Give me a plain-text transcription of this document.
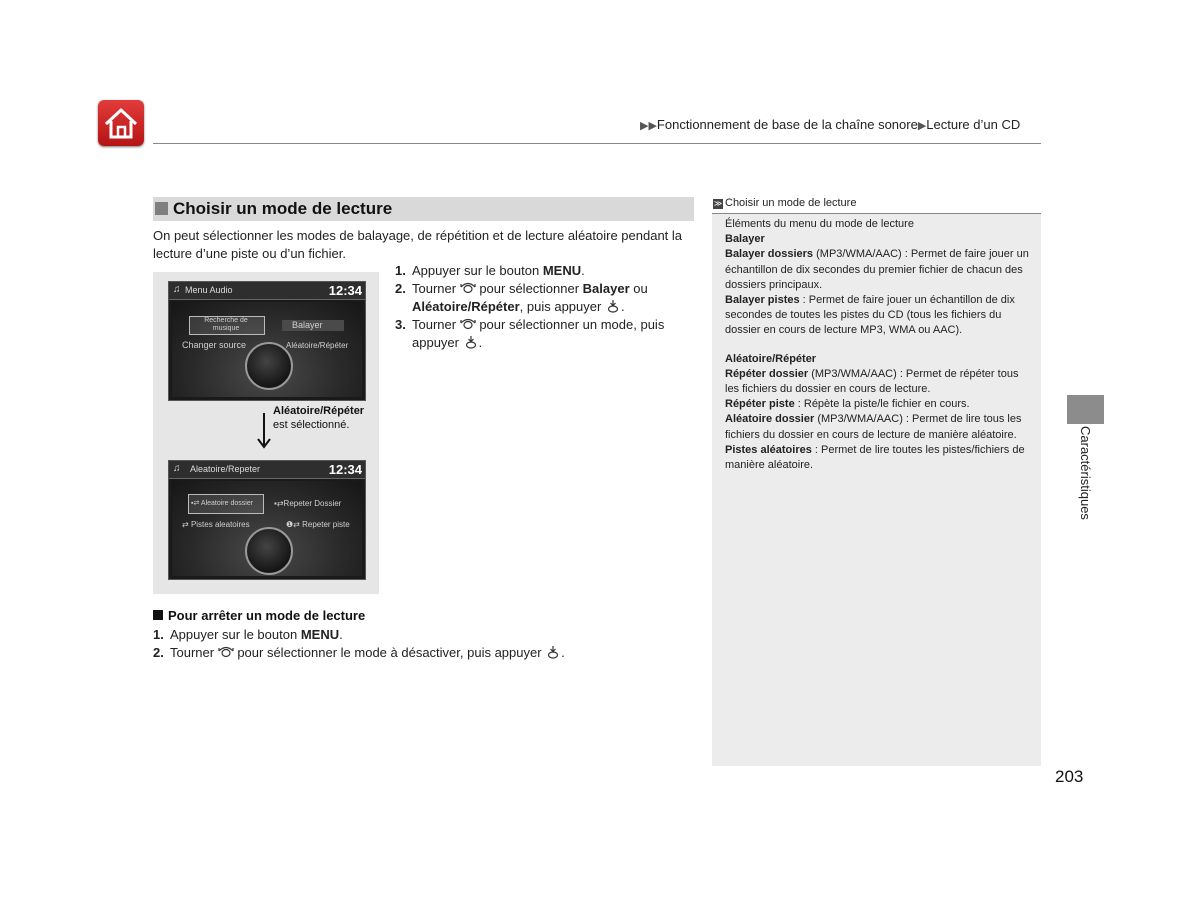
▶▶Fonctionnement de base de la chaîne sonore▶Lecture d’un CD
Choisir un mode de lecture
On peut sélectionner les modes de balayage, de répétition et de lecture aléatoire pendant la lecture d’une piste ou d’un fichier.
♫ Menu Audio	12:34
Recherche de musique	Balayer
Changer source	Aléatoire/Répéter
Aléatoire/Répéter
est sélectionné.
♫ Aleatoire/Repeter	12:34
▪⇄ Aleatoire dossier	▪⇄Repeter Dossier
⇄ Pistes aleatoires	❶⇄ Repeter piste
1. Appuyer sur le bouton MENU.
2. Tourner  pour sélectionner Balayer ou Aléatoire/Répéter, puis appuyer .
3. Tourner  pour sélectionner un mode, puis appuyer .
Pour arrêter un mode de lecture
1. Appuyer sur le bouton MENU.
2. Tourner  pour sélectionner le mode à désactiver, puis appuyer .
≫ Choisir un mode de lecture

Éléments du menu du mode de lecture

Balayer

Balayer dossiers (MP3/WMA/AAC) : Permet de faire jouer un échantillon de dix secondes du premier fichier de chacun des dossiers principaux.

Balayer pistes : Permet de faire jouer un échantillon de dix secondes de toutes les pistes du CD (tous les fichiers du dossier en cours de lecture MP3, WMA ou AAC).

Aléatoire/Répéter

Répéter dossier (MP3/WMA/AAC) : Permet de répéter tous les fichiers du dossier en cours de lecture.

Répéter piste : Répète la piste/le fichier en cours.

Aléatoire dossier (MP3/WMA/AAC) : Permet de lire tous les fichiers du dossier en cours de lecture de manière aléatoire.

Pistes aléatoires : Permet de lire toutes les pistes/fichiers de manière aléatoire.	Caractéristiques
203
